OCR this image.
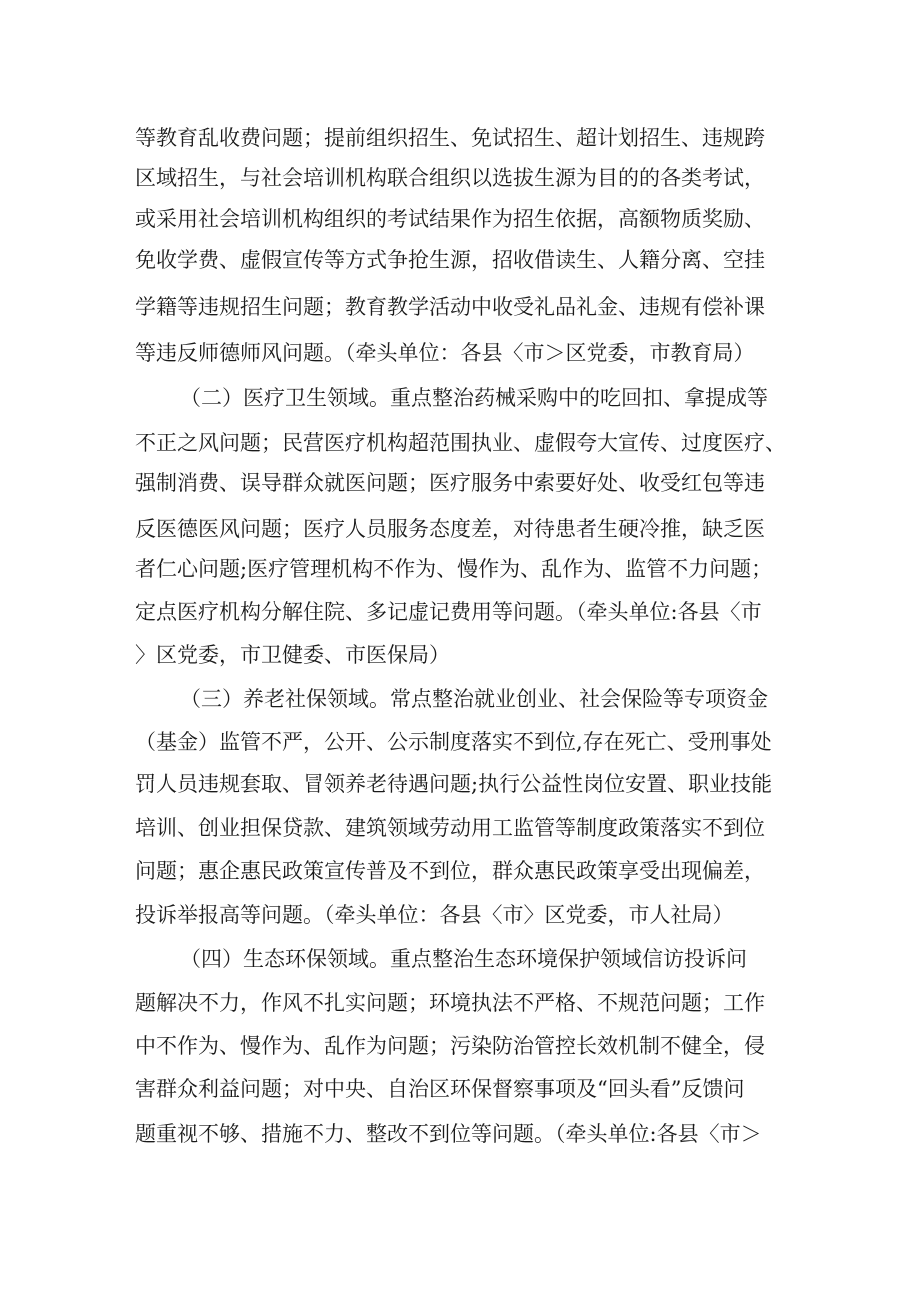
等教育乱收费问题；提前组织招生、免试招生、超计划招生、违规跨
区域招生，与社会培训机构联合组织以选拔生源为目的的各类考试，
或采用社会培训机构组织的考试结果作为招生依据，高额物质奖励、
免收学费、虚假宣传等方式争抢生源，招收借读生、人籍分离、空挂
学籍等违规招生问题；教育教学活动中收受礼品礼金、违规有偿补课
等违反师德师风问题。（牵头单位：各县〈市＞区党委，市教育局）
（二）医疗卫生领域。重点整治药械采购中的吃回扣、拿提成等
不正之风问题；民营医疗机构超范围执业、虚假夸大宣传、过度医疗、
强制消费、误导群众就医问题；医疗服务中索要好处、收受红包等违
反医德医风问题；医疗人员服务态度差，对待患者生硬冷推，缺乏医
者仁心问题;医疗管理机构不作为、慢作为、乱作为、监管不力问题；
定点医疗机构分解住院、多记虚记费用等问题。（牵头单位:各县〈市
〉区党委，市卫健委、市医保局）
（三）养老社保领域。常点整治就业创业、社会保险等专项资金
（基金）监管不严，公开、公示制度落实不到位,存在死亡、受刑事处
罚人员违规套取、冒领养老待遇问题;执行公益性岗位安置、职业技能
培训、创业担保贷款、建筑领域劳动用工监管等制度政策落实不到位
问题；惠企惠民政策宣传普及不到位，群众惠民政策享受出现偏差，
投诉举报高等问题。（牵头单位：各县〈市〉区党委，市人社局）
（四）生态环保领域。重点整治生态环境保护领域信访投诉问
题解决不力，作风不扎实问题；环境执法不严格、不规范问题；工作
中不作为、慢作为、乱作为问题；污染防治管控长效机制不健全，侵
害群众利益问题；对中央、自治区环保督察事项及“回头看”反馈问
题重视不够、措施不力、整改不到位等问题。（牵头单位:各县〈市＞
